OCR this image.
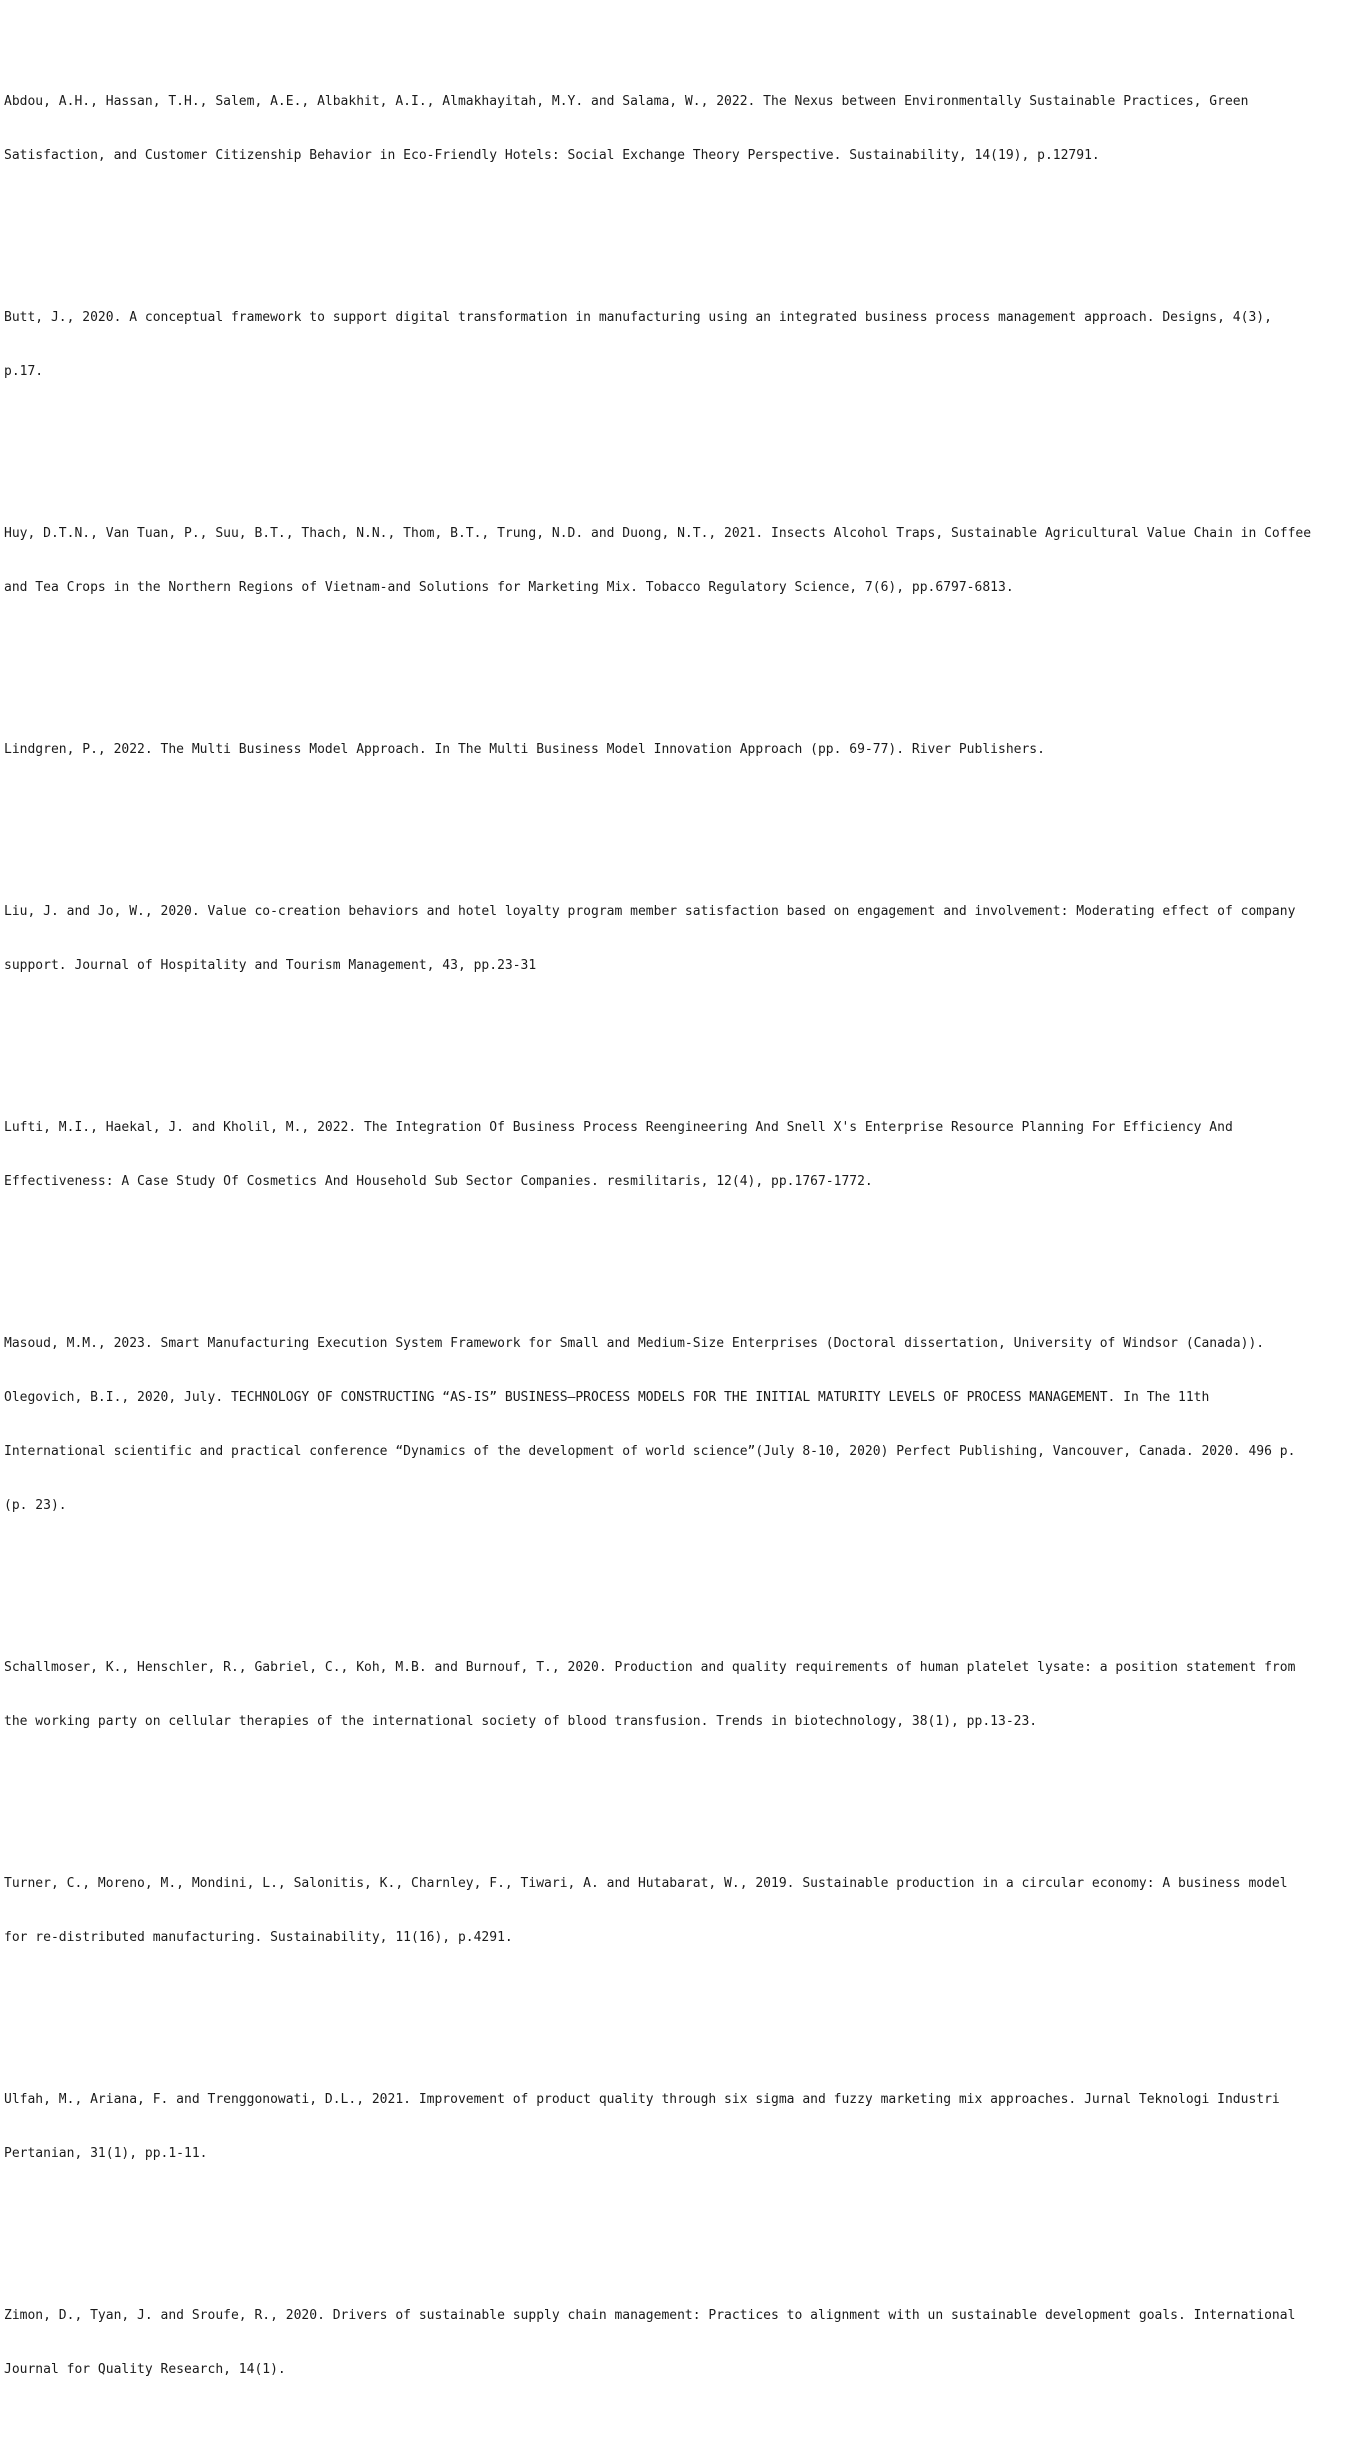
Abdou, A.H., Hassan, T.H., Salem, A.E., Albakhit, A.I., Almakhayitah, M.Y. and Salama, W., 2022. The Nexus between Environmentally Sustainable Practices, Green

Satisfaction, and Customer Citizenship Behavior in Eco-Friendly Hotels: Social Exchange Theory Perspective. Sustainability, 14(19), p.12791.

Butt, J., 2020. A conceptual framework to support digital transformation in manufacturing using an integrated business process management approach. Designs, 4(3),

p.17.

Huy, D.T.N., Van Tuan, P., Suu, B.T., Thach, N.N., Thom, B.T., Trung, N.D. and Duong, N.T., 2021. Insects Alcohol Traps, Sustainable Agricultural Value Chain in Coffee

and Tea Crops in the Northern Regions of Vietnam-and Solutions for Marketing Mix. Tobacco Regulatory Science, 7(6), pp.6797-6813.

Lindgren, P., 2022. The Multi Business Model Approach. In The Multi Business Model Innovation Approach (pp. 69-77). River Publishers.

Liu, J. and Jo, W., 2020. Value co-creation behaviors and hotel loyalty program member satisfaction based on engagement and involvement: Moderating effect of company

support. Journal of Hospitality and Tourism Management, 43, pp.23-31

Lufti, M.I., Haekal, J. and Kholil, M., 2022. The Integration Of Business Process Reengineering And Snell X's Enterprise Resource Planning For Efficiency And

Effectiveness: A Case Study Of Cosmetics And Household Sub Sector Companies. resmilitaris, 12(4), pp.1767-1772.

Masoud, M.M., 2023. Smart Manufacturing Execution System Framework for Small and Medium-Size Enterprises (Doctoral dissertation, University of Windsor (Canada)).

Olegovich, B.I., 2020, July. TECHNOLOGY OF CONSTRUCTING “AS-IS” BUSINESS–PROCESS MODELS FOR THE INITIAL MATURITY LEVELS OF PROCESS MANAGEMENT. In The 11th

International scientific and practical conference “Dynamics of the development of world science”(July 8-10, 2020) Perfect Publishing, Vancouver, Canada. 2020. 496 p.

(p. 23).

Schallmoser, K., Henschler, R., Gabriel, C., Koh, M.B. and Burnouf, T., 2020. Production and quality requirements of human platelet lysate: a position statement from

the working party on cellular therapies of the international society of blood transfusion. Trends in biotechnology, 38(1), pp.13-23.

Turner, C., Moreno, M., Mondini, L., Salonitis, K., Charnley, F., Tiwari, A. and Hutabarat, W., 2019. Sustainable production in a circular economy: A business model

for re-distributed manufacturing. Sustainability, 11(16), p.4291.

Ulfah, M., Ariana, F. and Trenggonowati, D.L., 2021. Improvement of product quality through six sigma and fuzzy marketing mix approaches. Jurnal Teknologi Industri

Pertanian, 31(1), pp.1-11.

Zimon, D., Tyan, J. and Sroufe, R., 2020. Drivers of sustainable supply chain management: Practices to alignment with un sustainable development goals. International

Journal for Quality Research, 14(1).
